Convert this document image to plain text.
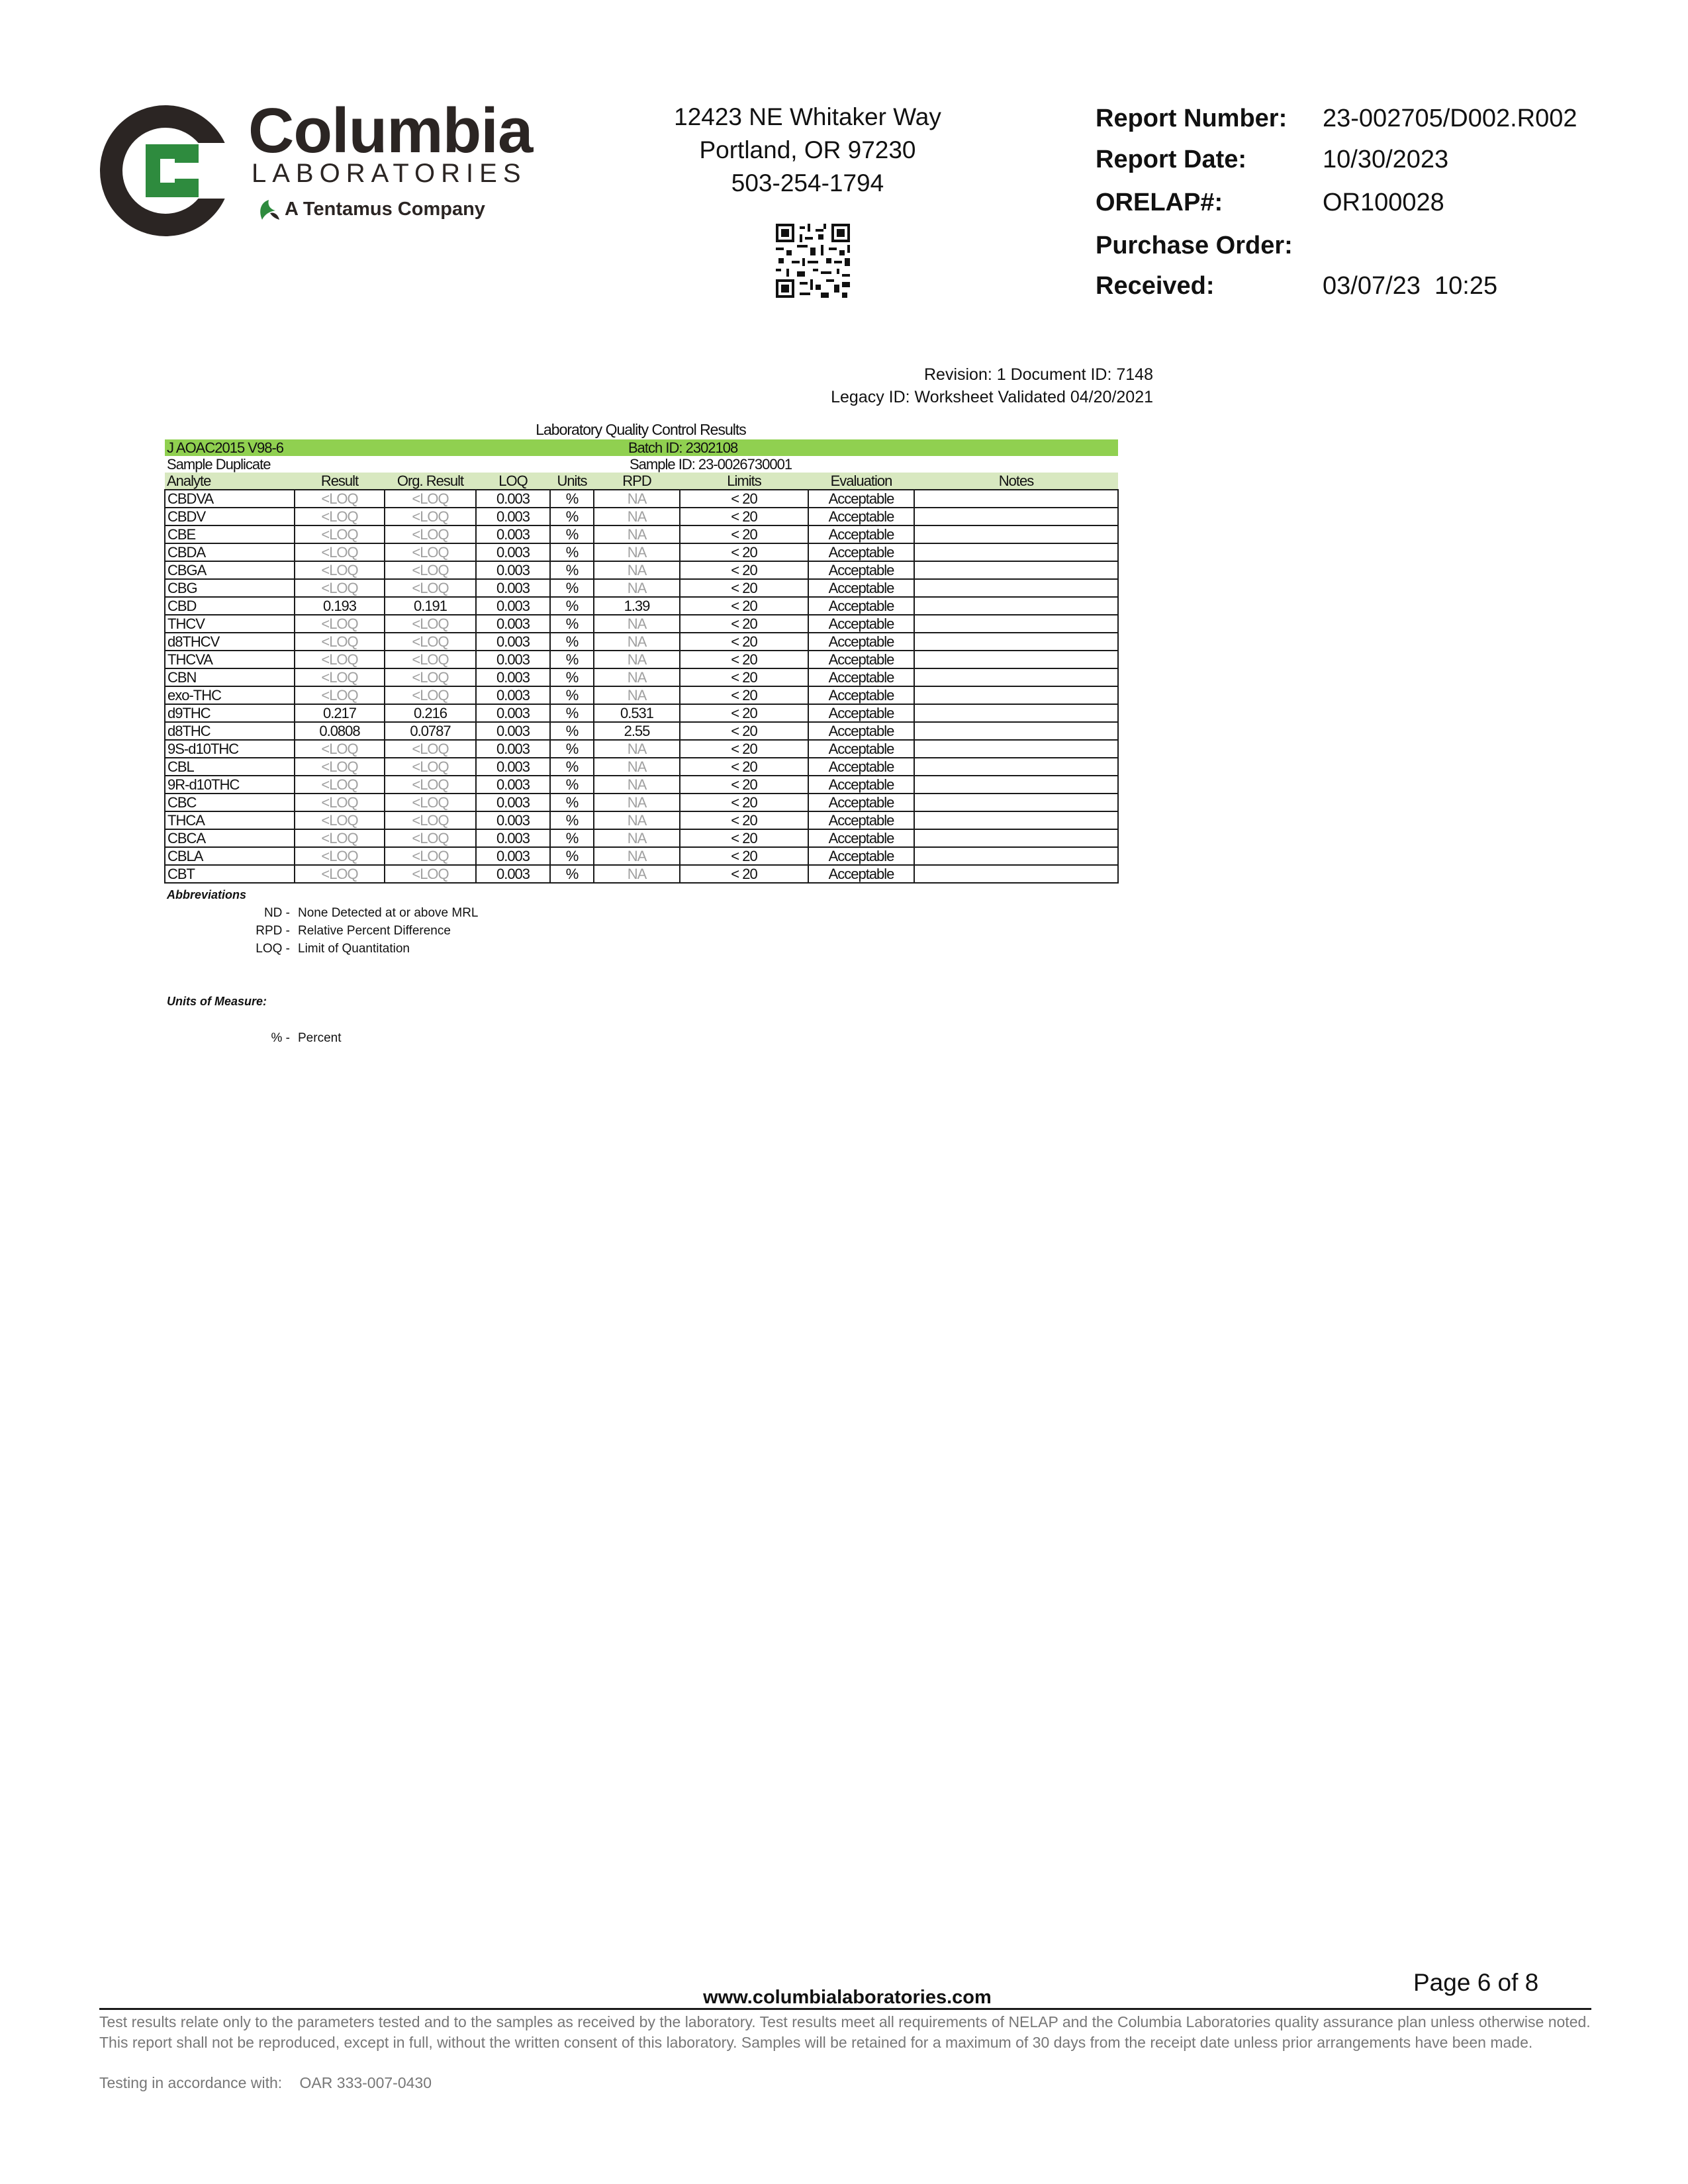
Columbia
LABORATORIES
A Tentamus Company
12423 NE Whitaker Way
Portland, OR 97230
503-254-1794
Report Number: 23-002705/D002.R002
Report Date:	10/30/2023
ORELAP#:	OR100028
Purchase Order:
Received:	03/07/23  10:25
Revision: 1 Document ID: 7148
Legacy ID: Worksheet Validated 04/20/2021
Laboratory Quality Control Results
J AOAC2015 V98-6			Batch ID: 2302108					
Sample Duplicate			Sample ID: 23-0026730001					
Analyte	Result	Org. Result	LOQ	Units	RPD	Limits	Evaluation	Notes
CBDVA	<LOQ	<LOQ	0.003	%	NA	< 20	Acceptable	
CBDV	<LOQ	<LOQ	0.003	%	NA	< 20	Acceptable	
CBE	<LOQ	<LOQ	0.003	%	NA	< 20	Acceptable	
CBDA	<LOQ	<LOQ	0.003	%	NA	< 20	Acceptable	
CBGA	<LOQ	<LOQ	0.003	%	NA	< 20	Acceptable	
CBG	<LOQ	<LOQ	0.003	%	NA	< 20	Acceptable	
CBD	0.193	0.191	0.003	%	1.39	< 20	Acceptable	
THCV	<LOQ	<LOQ	0.003	%	NA	< 20	Acceptable	
d8THCV	<LOQ	<LOQ	0.003	%	NA	< 20	Acceptable	
THCVA	<LOQ	<LOQ	0.003	%	NA	< 20	Acceptable	
CBN	<LOQ	<LOQ	0.003	%	NA	< 20	Acceptable	
exo-THC	<LOQ	<LOQ	0.003	%	NA	< 20	Acceptable	
d9THC	0.217	0.216	0.003	%	0.531	< 20	Acceptable	
d8THC	0.0808	0.0787	0.003	%	2.55	< 20	Acceptable	
9S-d10THC	<LOQ	<LOQ	0.003	%	NA	< 20	Acceptable	
CBL	<LOQ	<LOQ	0.003	%	NA	< 20	Acceptable	
9R-d10THC	<LOQ	<LOQ	0.003	%	NA	< 20	Acceptable	
CBC	<LOQ	<LOQ	0.003	%	NA	< 20	Acceptable	
THCA	<LOQ	<LOQ	0.003	%	NA	< 20	Acceptable	
CBCA	<LOQ	<LOQ	0.003	%	NA	< 20	Acceptable	
CBLA	<LOQ	<LOQ	0.003	%	NA	< 20	Acceptable	
CBT	<LOQ	<LOQ	0.003	%	NA	< 20	Acceptable	
Abbreviations
ND - None Detected at or above MRL
RPD - Relative Percent Difference
LOQ - Limit of Quantitation
Units of Measure:
% - Percent
Page 6 of 8
www.columbialaboratories.com
Test results relate only to the parameters tested and to the samples as received by the laboratory. Test results meet all requirements of NELAP and the Columbia Laboratories quality assurance plan unless otherwise noted. This report shall not be reproduced, except in full, without the written consent of this laboratory. Samples will be retained for a maximum of 30 days from the receipt date unless prior arrangements have been made.
Testing in accordance with: OAR 333-007-0430
